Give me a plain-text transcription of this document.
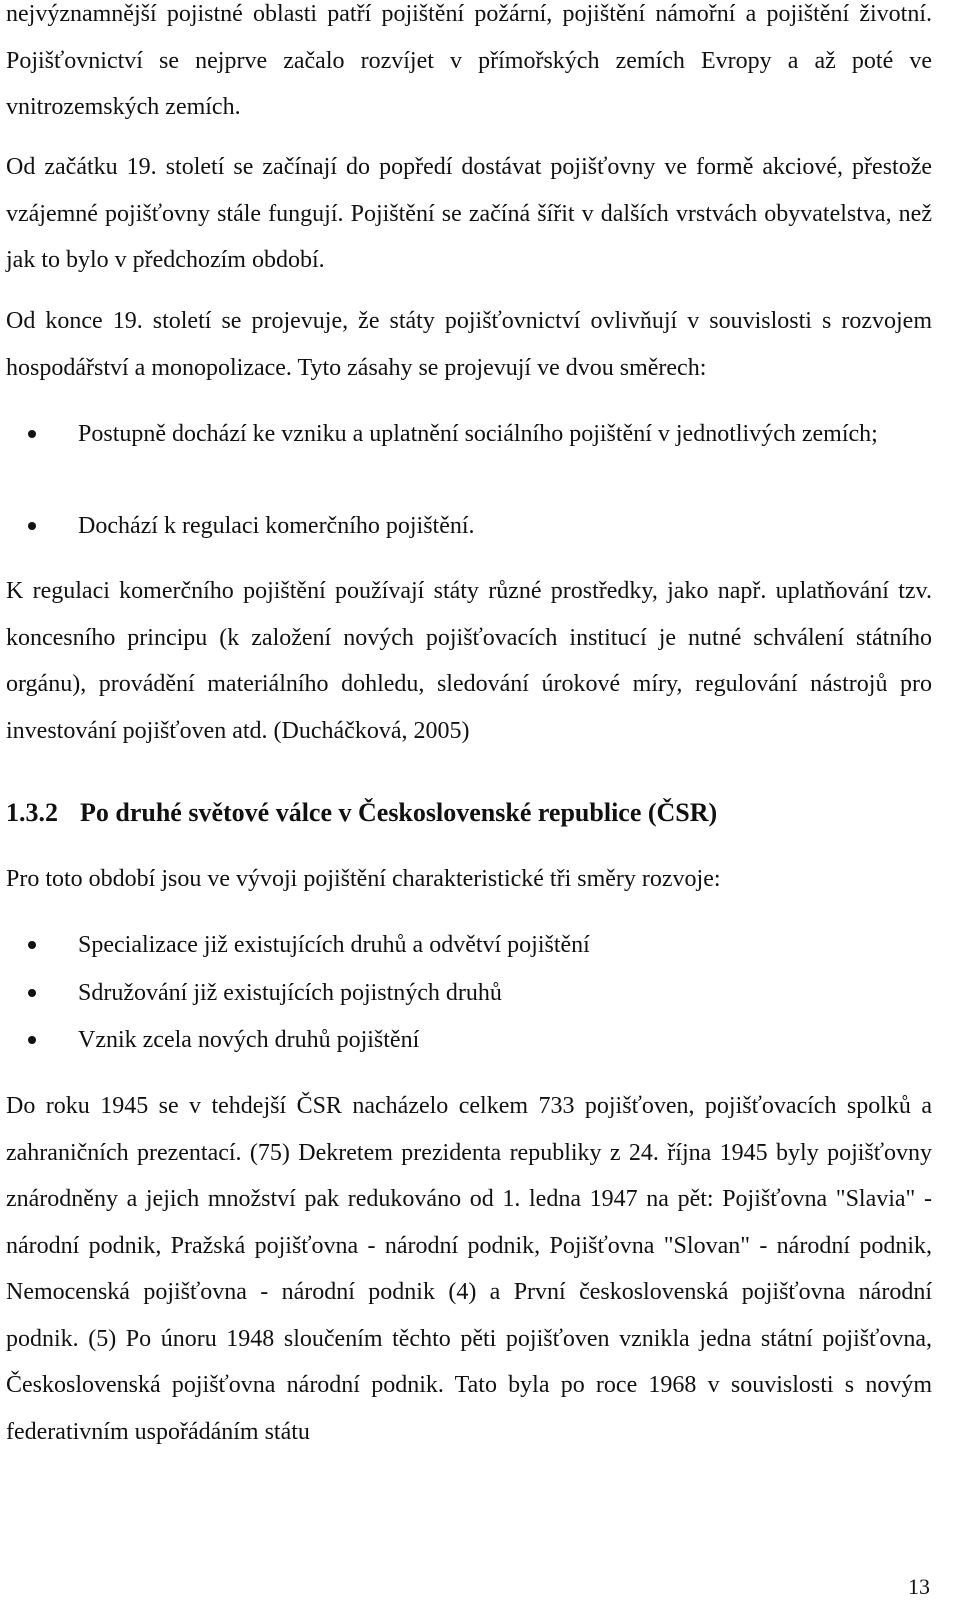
nejvýznamnější pojistné oblasti patří pojištění požární, pojištění námořní a pojištění životní. Pojišťovnictví se nejprve začalo rozvíjet v přímořských zemích Evropy a až poté ve vnitrozemských zemích.

Od začátku 19. století se začínají do popředí dostávat pojišťovny ve formě akciové, přestože vzájemné pojišťovny stále fungují. Pojištění se začíná šířit v dalších vrstvách obyvatelstva, než jak to bylo v předchozím období.

Od konce 19. století se projevuje, že státy pojišťovnictví ovlivňují v souvislosti s rozvojem hospodářství a monopolizace. Tyto zásahy se projevují ve dvou směrech:

Postupně dochází ke vzniku a uplatnění sociálního pojištění v jednotlivých zemích;
Dochází k regulaci komerčního pojištění.

K regulaci komerčního pojištění používají státy různé prostředky, jako např. uplatňování tzv. koncesního principu (k založení nových pojišťovacích institucí je nutné schválení státního orgánu), provádění materiálního dohledu, sledování úrokové míry, regulování nástrojů pro investování pojišťoven atd. (Ducháčková, 2005)

1.3.2 Po druhé světové válce v Československé republice (ČSR)

Pro toto období jsou ve vývoji pojištění charakteristické tři směry rozvoje:

Specializace již existujících druhů a odvětví pojištění
Sdružování již existujících pojistných druhů
Vznik zcela nových druhů pojištění

Do roku 1945 se v tehdejší ČSR nacházelo celkem 733 pojišťoven, pojišťovacích spolků a zahraničních prezentací. (75) Dekretem prezidenta republiky z 24. října 1945 byly pojišťovny znárodněny a jejich množství pak redukováno od 1. ledna 1947 na pět: Pojišťovna "Slavia" - národní podnik, Pražská pojišťovna - národní podnik, Pojišťovna "Slovan" - národní podnik, Nemocenská pojišťovna - národní podnik (4) a První československá pojišťovna národní podnik. (5) Po únoru 1948 sloučením těchto pěti pojišťoven vznikla jedna státní pojišťovna, Československá pojišťovna národní podnik. Tato byla po roce 1968 v souvislosti s novým federativním uspořádáním státu

13
